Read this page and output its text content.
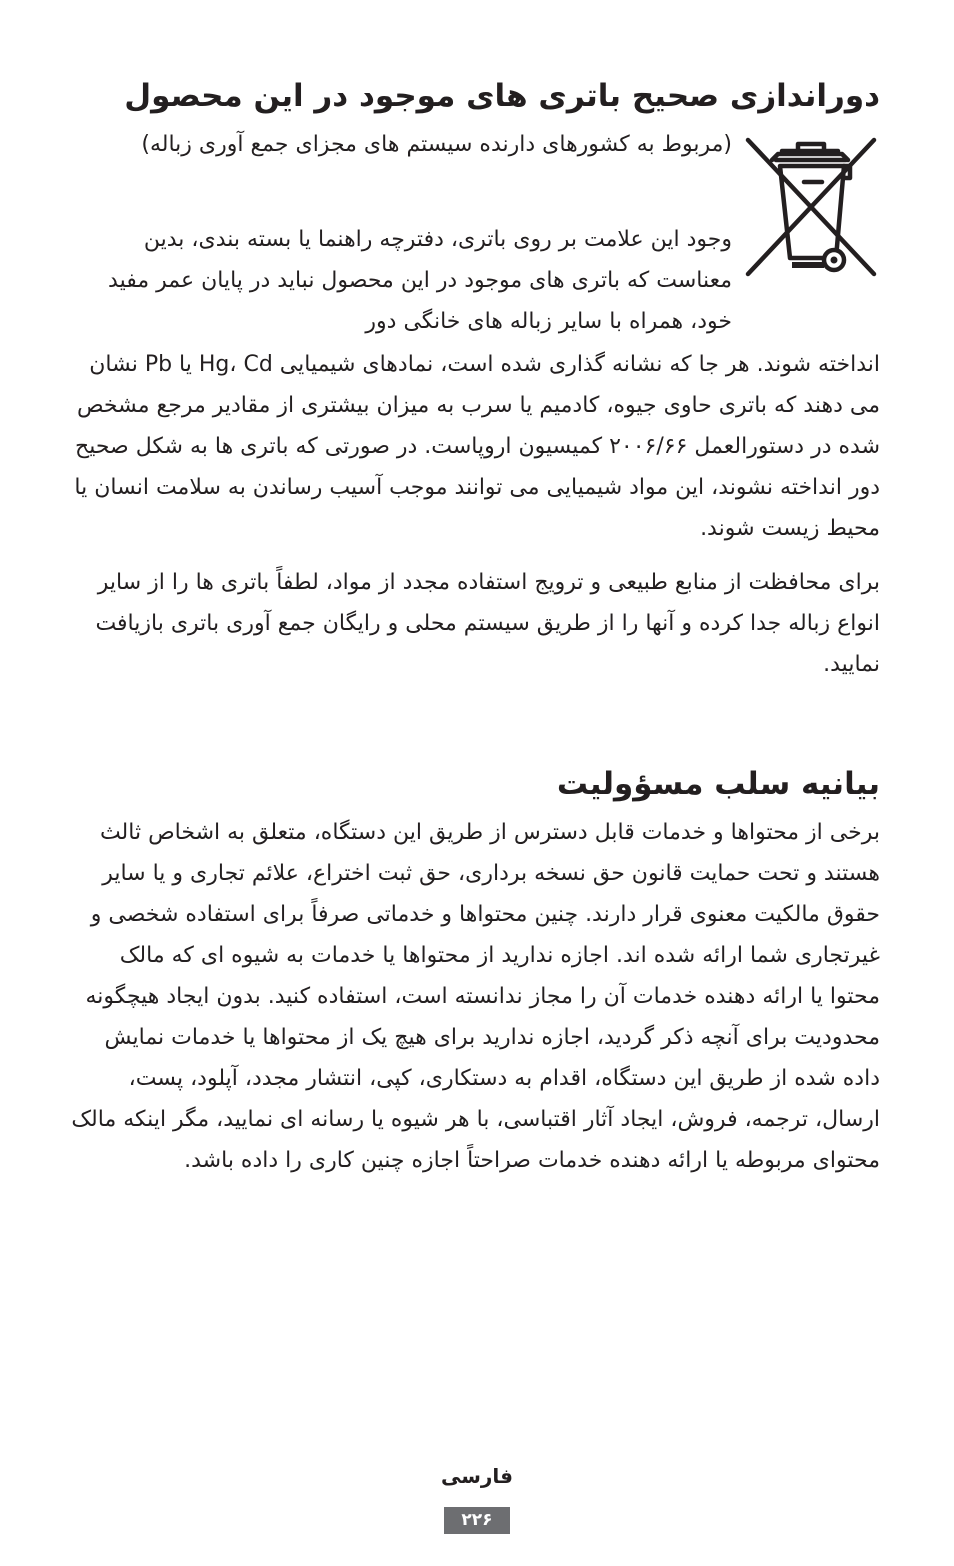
دوراندازی صحیح باتری های موجود در این محصول

(مربوط به کشورهای دارنده سیستم های مجزای جمع آوری زباله)

وجود این علامت بر روی باتری، دفترچه راهنما یا بسته بندی، بدین معناست که باتری های موجود در این محصول نباید در پایان عمر مفید خود، همراه با سایر زباله های خانگی دور

انداخته شوند. هر جا که نشانه گذاری شده است، نمادهای شیمیایی Hg، Cd یا Pb نشان می دهند که باتری حاوی جیوه، کادمیم یا سرب به میزان بیشتری از مقادیر مرجع مشخص شده در دستورالعمل ۲۰۰۶/۶۶ کمیسیون اروپاست. در صورتی که باتری ها به شکل صحیح دور انداخته نشوند، این مواد شیمیایی می توانند موجب آسیب رساندن به سلامت انسان یا محیط زیست شوند.

برای محافظت از منابع طبیعی و ترویج استفاده مجدد از مواد، لطفاً باتری ها را از سایر انواع زباله جدا کرده و آنها را از طریق سیستم محلی و رایگان جمع آوری باتری بازیافت نمایید.

بیانیه سلب مسؤولیت

برخی از محتواها و خدمات قابل دسترس از طریق این دستگاه، متعلق به اشخاص ثالث هستند و تحت حمایت قانون حق نسخه برداری، حق ثبت اختراع، علائم تجاری و یا سایر حقوق مالکیت معنوی قرار دارند. چنین محتواها و خدماتی صرفاً برای استفاده شخصی و غیرتجاری شما ارائه شده اند. اجازه ندارید از محتواها یا خدمات به شیوه ای که مالک محتوا یا ارائه دهنده خدمات آن را مجاز ندانسته است، استفاده کنید. بدون ایجاد هیچگونه محدودیت برای آنچه ذکر گردید، اجازه ندارید برای هیچ یک از محتواها یا خدمات نمایش داده شده از طریق این دستگاه، اقدام به دستکاری، کپی، انتشار مجدد، آپلود، پست، ارسال، ترجمه، فروش، ایجاد آثار اقتباسی، با هر شیوه یا رسانه ای نمایید، مگر اینکه مالک محتوای مربوطه یا ارائه دهنده خدمات صراحتاً اجازه چنین کاری را داده باشد.

فارسی
۲۲۶
